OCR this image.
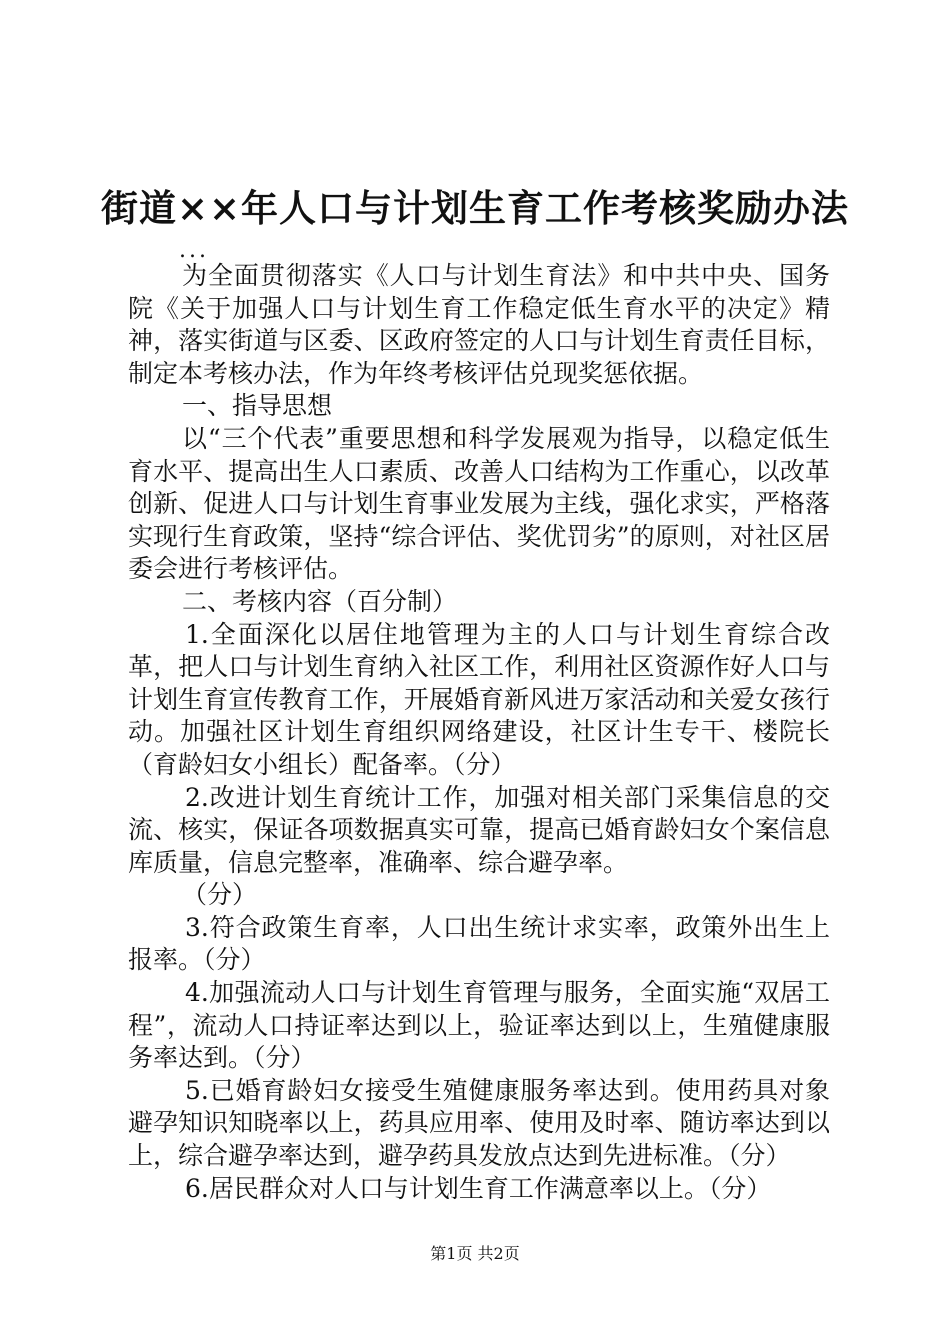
街道××年人口与计划生育工作考核奖励办法
...

为全面贯彻落实《人口与计划生育法》和中共中央、国务院《关于加强人口与计划生育工作稳定低生育水平的决定》精神，落实街道与区委、区政府签定的人口与计划生育责任目标，制定本考核办法，作为年终考核评估兑现奖惩依据。

一、指导思想

以“三个代表”重要思想和科学发展观为指导，以稳定低生育水平、提高出生人口素质、改善人口结构为工作重心，以改革创新、促进人口与计划生育事业发展为主线，强化求实，严格落实现行生育政策，坚持“综合评估、奖优罚劣”的原则，对社区居委会进行考核评估。

二、考核内容（百分制）

1.全面深化以居住地管理为主的人口与计划生育综合改革，把人口与计划生育纳入社区工作，利用社区资源作好人口与计划生育宣传教育工作，开展婚育新风进万家活动和关爱女孩行动。加强社区计划生育组织网络建设，社区计生专干、楼院长（育龄妇女小组长）配备率。（分）

2.改进计划生育统计工作，加强对相关部门采集信息的交流、核实，保证各项数据真实可靠，提高已婚育龄妇女个案信息库质量，信息完整率，准确率、综合避孕率。

（分）

3.符合政策生育率，人口出生统计求实率，政策外出生上报率。（分）

4.加强流动人口与计划生育管理与服务，全面实施“双居工程”，流动人口持证率达到以上，验证率达到以上，生殖健康服务率达到。（分）

5.已婚育龄妇女接受生殖健康服务率达到。使用药具对象避孕知识知晓率以上，药具应用率、使用及时率、随访率达到以上，综合避孕率达到，避孕药具发放点达到先进标准。（分）

6.居民群众对人口与计划生育工作满意率以上。（分）

第1页 共2页
